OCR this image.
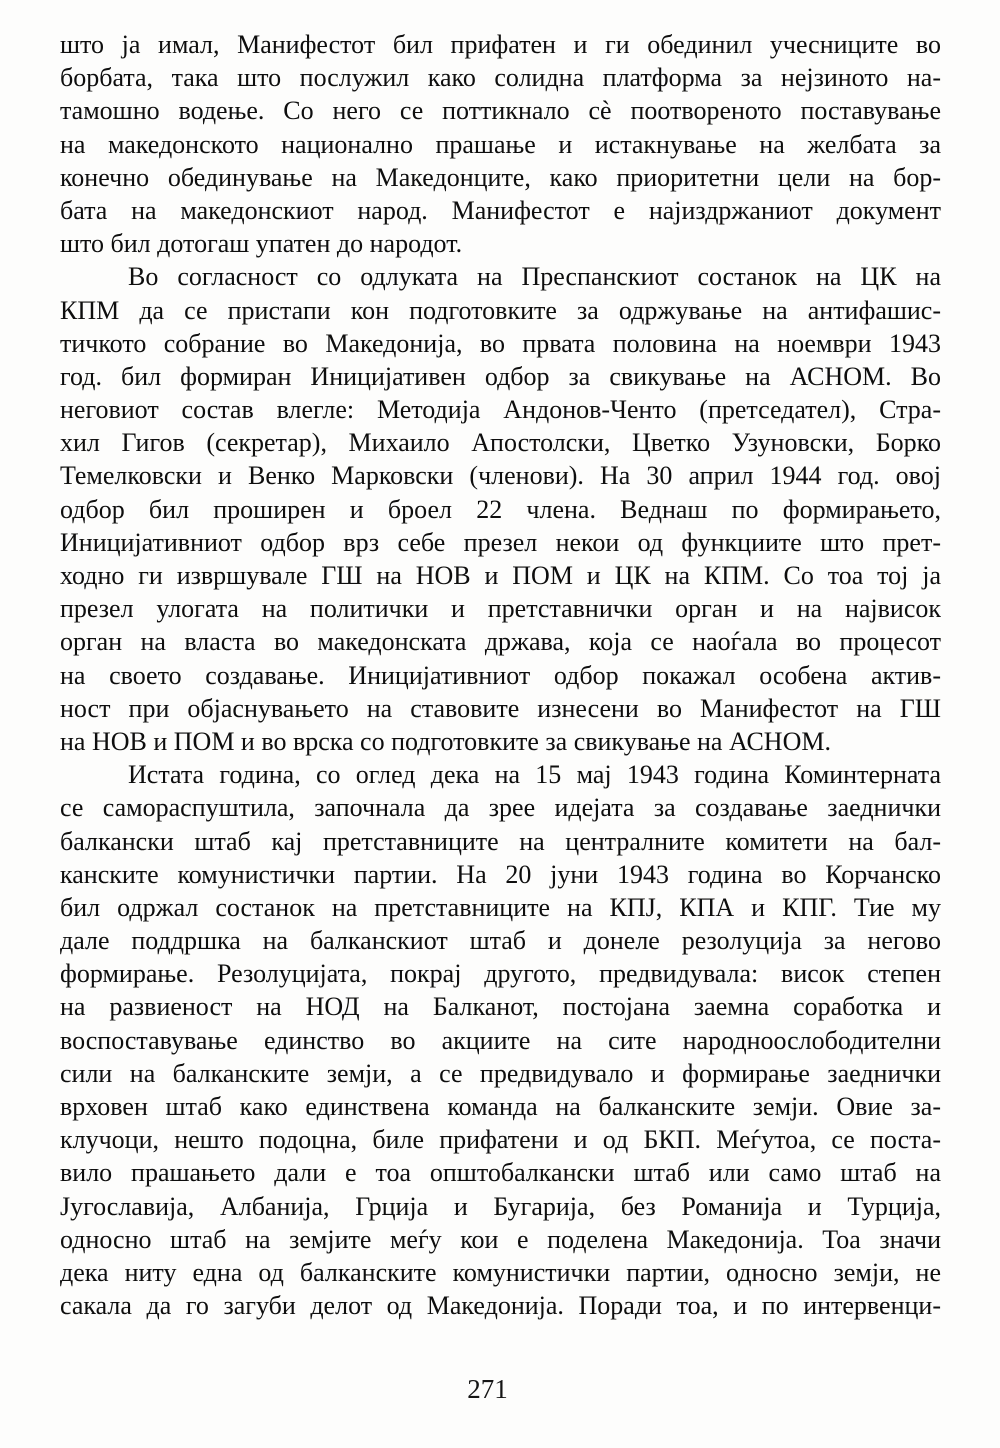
што ја имал, Манифестот бил прифатен и ги обединил учесниците во
борбата, така што послужил како солидна платформа за нејзиното на-
тамошно водење. Со него се поттикнало сè поотвореното поставување
на македонското национално прашање и истакнување на желбата за
конечно обединување на Македонците, како приоритетни цели на бор-
бата на македонскиот народ. Манифестот е најиздржаниот документ
што бил дотогаш упатен до народот.
Во согласност со одлуката на Преспанскиот состанок на ЦК на
КПМ да се пристапи кон подготовките за одржување на антифашис-
тичкото собрание во Македонија, во првата половина на ноември 1943
год. бил формиран Иницијативен одбор за свикување на АСНОМ. Во
неговиот состав влегле: Методија Андонов-Ченто (претседател), Стра-
хил Гигов (секретар), Михаило Апостолски, Цветко Узуновски, Борко
Темелковски и Венко Марковски (членови). На 30 април 1944 год. овој
одбор бил проширен и броел 22 члена. Веднаш по формирањето,
Иницијативниот одбор врз себе презел некои од функциите што прет-
ходно ги извршувале ГШ на НОВ и ПОМ и ЦК на КПМ. Со тоа тој ја
презел улогата на политички и претставнички орган и на највисок
орган на власта во македонската држава, која се наоѓала во процесот
на своето создавање. Иницијативниот одбор покажал особена актив-
ност при објаснувањето на ставовите изнесени во Манифестот на ГШ
на НОВ и ПОМ и во врска со подготовките за свикување на АСНОМ.
Истата година, со оглед дека на 15 мај 1943 година Коминтерната
се самораспуштила, започнала да зрее идејата за создавање заеднички
балкански штаб кај претставниците на централните комитети на бал-
канските комунистички партии. На 20 јуни 1943 година во Корчанско
бил одржал состанок на претставниците на КПЈ, КПА и КПГ. Тие му
дале поддршка на балканскиот штаб и донеле резолуција за негово
формирање. Резолуцијата, покрај другото, предвидувала: висок степен
на развиеност на НОД на Балканот, постојана заемна соработка и
воспоставување единство во акциите на сите народноослободителни
сили на балканските земји, а се предвидувало и формирање заеднички
врховен штаб како единствена команда на балканските земји. Овие за-
клучоци, нешто подоцна, биле прифатени и од БКП. Меѓутоа, се поста-
вило прашањето дали е тоа општобалкански штаб или само штаб на
Југославија, Албанија, Грција и Бугарија, без Романија и Турција,
односно штаб на земјите меѓу кои е поделена Македонија. Тоа значи
дека ниту една од балканските комунистички партии, односно земји, не
сакала да го загуби делот од Македонија. Поради тоа, и по интервенци-
271
